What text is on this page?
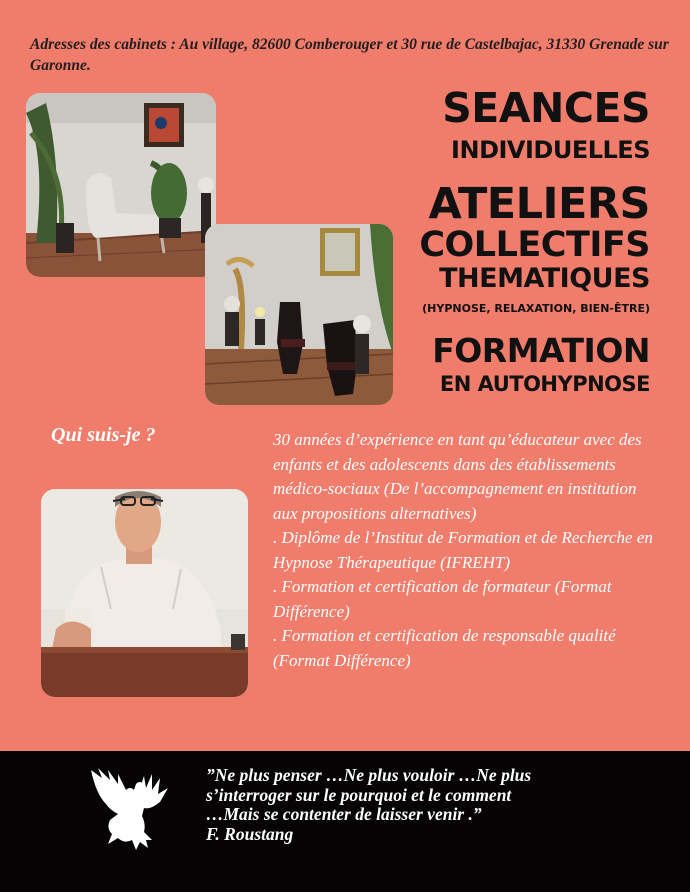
Adresses des cabinets : Au village, 82600 Comberouger et 30 rue de Castelbajac, 31330 Grenade sur Garonne.
SEANCES
INDIVIDUELLES
ATELIERS
COLLECTIFS
THEMATIQUES
(HYPNOSE, RELAXATION, BIEN-ÊTRE)
FORMATION
EN AUTOHYPNOSE
Qui suis-je ?	30 années d’expérience en tant qu’éducateur avec des enfants et des adolescents dans des établissements médico-sociaux (De l’accompagnement en institution aux propositions alternatives)

. Diplôme de l’Institut de Formation et de Recherche en Hypnose Thérapeutique (IFREHT)

. Formation et certification de formateur (Format Différence)

. Formation et certification de responsable qualité (Format Différence)

”Ne plus penser …Ne plus vouloir …Ne plus

s’interroger sur le pourquoi et le comment

…Mais se contenter de laisser venir .”

F. Roustang
